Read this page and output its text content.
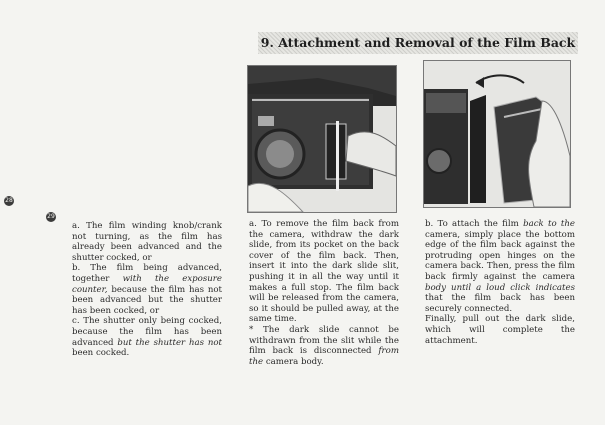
28
29

a. The film winding knob/crank not turning, as the film has already been advanced and the shutter cocked, or

b. The film being advanced, together with the exposure counter, because the film has not been advanced but the shutter has been cocked, or

c. The shutter only being cocked, because the film has been advanced but the shutter has not been cocked.

9. Attachment and Removal of the Film Back

a. To remove the film back from the camera, withdraw the dark slide, from its pocket on the back cover of the film back. Then, insert it into the dark slide slit, pushing it in all the way until it makes a full stop. The film back will be released from the camera, so it should be pulled away, at the same time.

* The dark slide cannot be withdrawn from the slit while the film back is disconnected from the camera body.

b. To attach the film back to the camera, simply place the bottom edge of the film back against the protruding open hinges on the camera back. Then, press the film back firmly against the camera body until a loud click indicates that the film back has been securely connected.

Finally, pull out the dark slide, which will complete the attachment.
